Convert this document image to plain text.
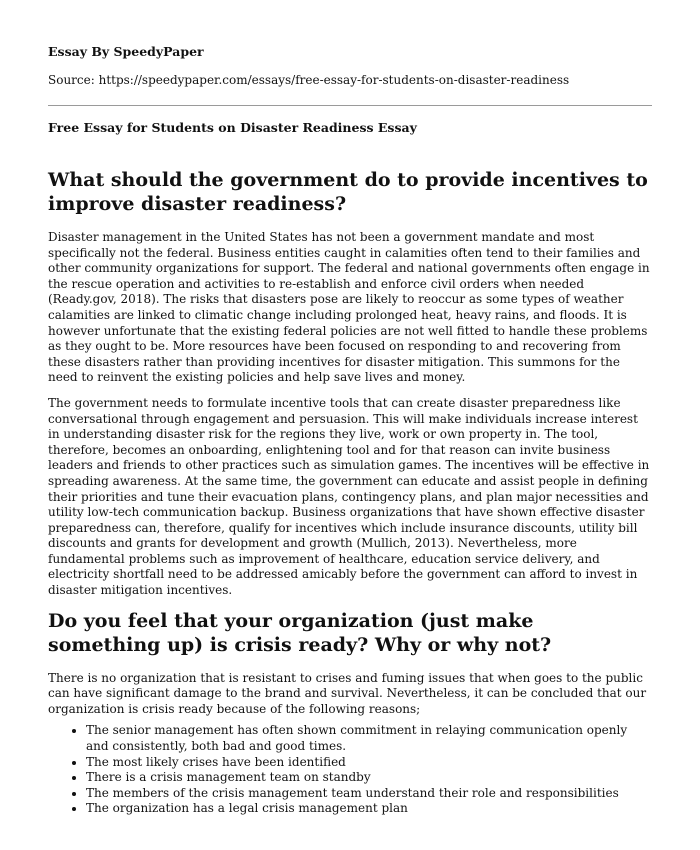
Essay By SpeedyPaper
Source: https://speedypaper.com/essays/free-essay-for-students-on-disaster-readiness
Free Essay for Students on Disaster Readiness Essay
What should the government do to provide incentives to improve disaster readiness?

Disaster management in the United States has not been a government mandate and most specifically not the federal. Business entities caught in calamities often tend to their families and other community organizations for support. The federal and national governments often engage in the rescue operation and activities to re-establish and enforce civil orders when needed (Ready.gov, 2018). The risks that disasters pose are likely to reoccur as some types of weather calamities are linked to climatic change including prolonged heat, heavy rains, and floods. It is however unfortunate that the existing federal policies are not well fitted to handle these problems as they ought to be. More resources have been focused on responding to and recovering from these disasters rather than providing incentives for disaster mitigation. This summons for the need to reinvent the existing policies and help save lives and money.

The government needs to formulate incentive tools that can create disaster preparedness like conversational through engagement and persuasion. This will make individuals increase interest in understanding disaster risk for the regions they live, work or own property in. The tool, therefore, becomes an onboarding, enlightening tool and for that reason can invite business leaders and friends to other practices such as simulation games. The incentives will be effective in spreading awareness. At the same time, the government can educate and assist people in defining their priorities and tune their evacuation plans, contingency plans, and plan major necessities and utility low-tech communication backup. Business organizations that have shown effective disaster preparedness can, therefore, qualify for incentives which include insurance discounts, utility bill discounts and grants for development and growth (Mullich, 2013). Nevertheless, more fundamental problems such as improvement of healthcare, education service delivery, and electricity shortfall need to be addressed amicably before the government can afford to invest in disaster mitigation incentives.

Do you feel that your organization (just make something up) is crisis ready? Why or why not?

There is no organization that is resistant to crises and fuming issues that when goes to the public can have significant damage to the brand and survival. Nevertheless, it can be concluded that our organization is crisis ready because of the following reasons;

• The senior management has often shown commitment in relaying communication openly and consistently, both bad and good times.
• The most likely crises have been identified
• There is a crisis management team on standby
• The members of the crisis management team understand their role and responsibilities
• The organization has a legal crisis management plan
